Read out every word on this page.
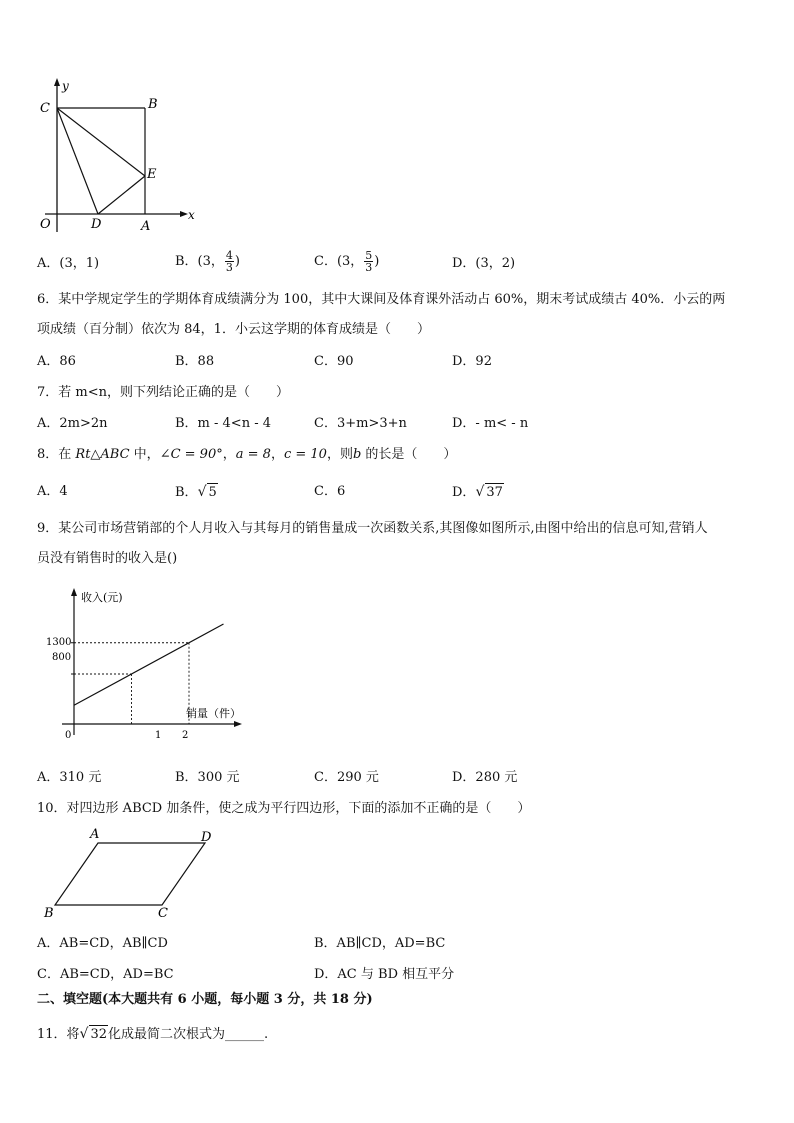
y
C	B
E
O	D	A
x
A．(3，1)	B．(3， $\frac{4}{3}$ )	C．(3， $\frac{5}{3}$ )	D．(3，2)
6．某中学规定学生的学期体育成绩满分为 100，其中大课间及体育课外活动占 60%，期末考试成绩古 40%．小云的两
项成绩（百分制）依次为 84，1．小云这学期的体育成绩是（　　）
A．86	B．88	C．90	D．92
7．若 m<n，则下列结论正确的是（　　）
A．2m>2n	B．m - 4<n - 4	C．3+m>3+n	D．- m< - n
8．在 Rt△ABC 中，∠C = 90°，a = 8，c = 10，则b 的长是（　　）
A．4	B．√ 5	C．6	D．√ 37
9．某公司市场营销部的个人月收入与其每月的销售量成一次函数关系,其图像如图所示,由图中给出的信息可知,营销人
员没有销售时的收入是()
收入(元)
销量（件）
1300
800
0	1 2
A．310 元	B．300 元	C．290 元	D．280 元
10．对四边形 ABCD 加条件，使之成为平行四边形，下面的添加不正确的是（　　）
A	D
B	C
A．AB=CD，AB∥CD	B．AB∥CD，AD=BC
C．AB=CD，AD=BC	D．AC 与 BD 相互平分
二、填空题(本大题共有 6 小题，每小题 3 分，共 18 分)
11．将√ 32化成最简二次根式为______.
